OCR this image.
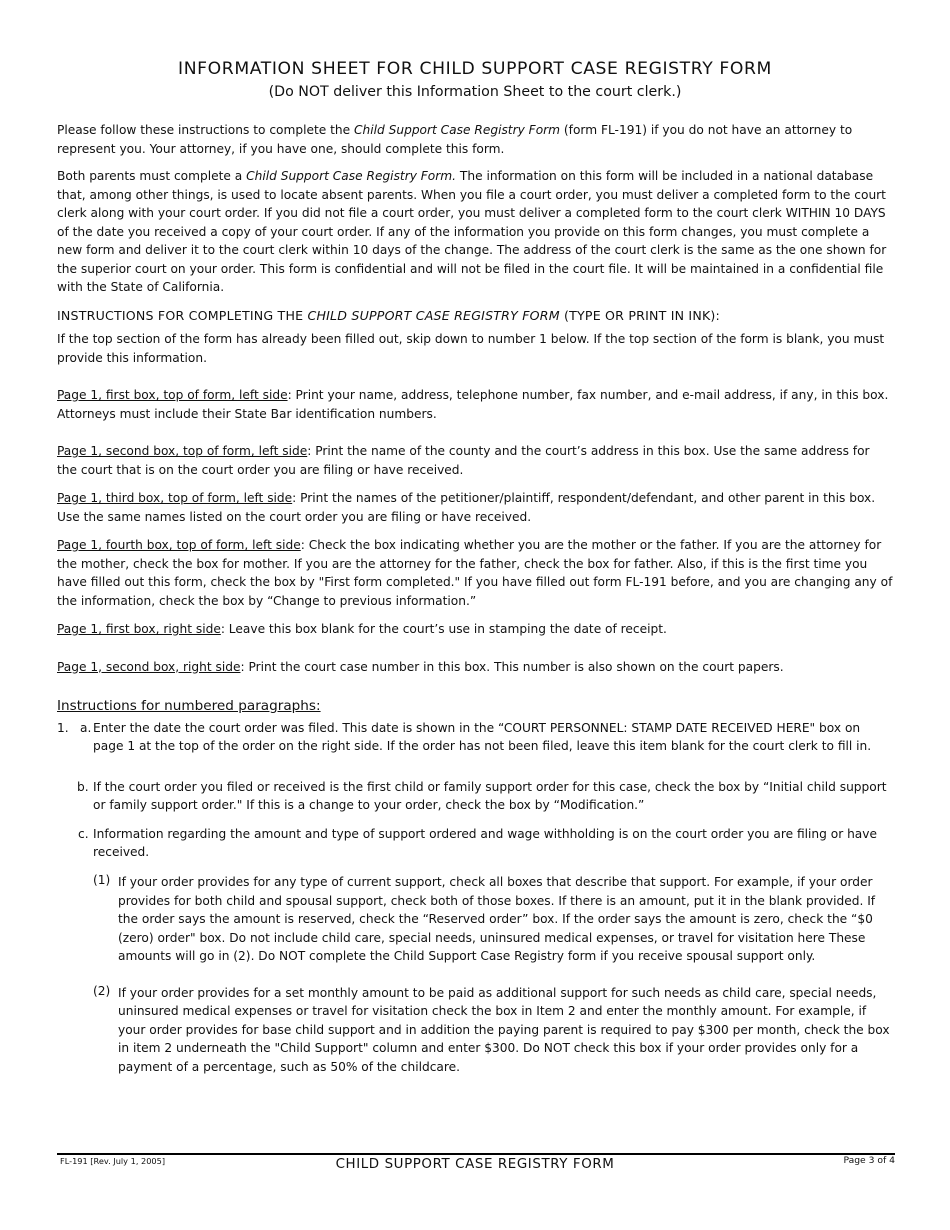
INFORMATION SHEET FOR CHILD SUPPORT CASE REGISTRY FORM
(Do NOT deliver this Information Sheet to the court clerk.)

Please follow these instructions to complete the Child Support Case Registry Form (form FL-191) if you do not have an attorney to represent you. Your attorney, if you have one, should complete this form.

Both parents must complete a Child Support Case Registry Form. The information on this form will be included in a national database that, among other things, is used to locate absent parents. When you file a court order, you must deliver a completed form to the court clerk along with your court order. If you did not file a court order, you must deliver a completed form to the court clerk WITHIN 10 DAYS of the date you received a copy of your court order. If any of the information you provide on this form changes, you must complete a new form and deliver it to the court clerk within 10 days of the change. The address of the court clerk is the same as the one shown for the superior court on your order. This form is confidential and will not be filed in the court file. It will be maintained in a confidential file with the State of California.

INSTRUCTIONS FOR COMPLETING THE CHILD SUPPORT CASE REGISTRY FORM (TYPE OR PRINT IN INK):

If the top section of the form has already been filled out, skip down to number 1 below. If the top section of the form is blank, you must provide this information.

Page 1, first box, top of form, left side: Print your name, address, telephone number, fax number, and e-mail address, if any, in this box. Attorneys must include their State Bar identification numbers.

Page 1, second box, top of form, left side: Print the name of the county and the court’s address in this box. Use the same address for the court that is on the court order you are filing or have received.

Page 1, third box, top of form, left side: Print the names of the petitioner/plaintiff, respondent/defendant, and other parent in this box. Use the same names listed on the court order you are filing or have received.

Page 1, fourth box, top of form, left side: Check the box indicating whether you are the mother or the father. If you are the attorney for the mother, check the box for mother. If you are the attorney for the father, check the box for father. Also, if this is the first time you have filled out this form, check the box by "First form completed." If you have filled out form FL-191 before, and you are changing any of the information, check the box by “Change to previous information.”

Page 1, first box, right side: Leave this box blank for the court’s use in stamping the date of receipt.

Page 1, second box, right side: Print the court case number in this box. This number is also shown on the court papers.

Instructions for numbered paragraphs:
1. a. Enter the date the court order was filed. This date is shown in the “COURT PERSONNEL: STAMP DATE RECEIVED HERE" box on page 1 at the top of the order on the right side. If the order has not been filed, leave this item blank for the court clerk to fill in.
b. If the court order you filed or received is the first child or family support order for this case, check the box by “Initial child support or family support order." If this is a change to your order, check the box by “Modification.”
c. Information regarding the amount and type of support ordered and wage withholding is on the court order you are filing or have received.
(1) If your order provides for any type of current support, check all boxes that describe that support. For example, if your order provides for both child and spousal support, check both of those boxes. If there is an amount, put it in the blank provided. If the order says the amount is reserved, check the “Reserved order” box. If the order says the amount is zero, check the “$0 (zero) order" box. Do not include child care, special needs, uninsured medical expenses, or travel for visitation here These amounts will go in (2). Do NOT complete the Child Support Case Registry form if you receive spousal support only.
(2) If your order provides for a set monthly amount to be paid as additional support for such needs as child care, special needs, uninsured medical expenses or travel for visitation check the box in Item 2 and enter the monthly amount. For example, if your order provides for base child support and in addition the paying parent is required to pay $300 per month, check the box in item 2 underneath the "Child Support" column and enter $300. Do NOT check this box if your order provides only for a payment of a percentage, such as 50% of the childcare.
FL-191 [Rev. July 1, 2005]	CHILD SUPPORT CASE REGISTRY FORM	Page 3 of 4
